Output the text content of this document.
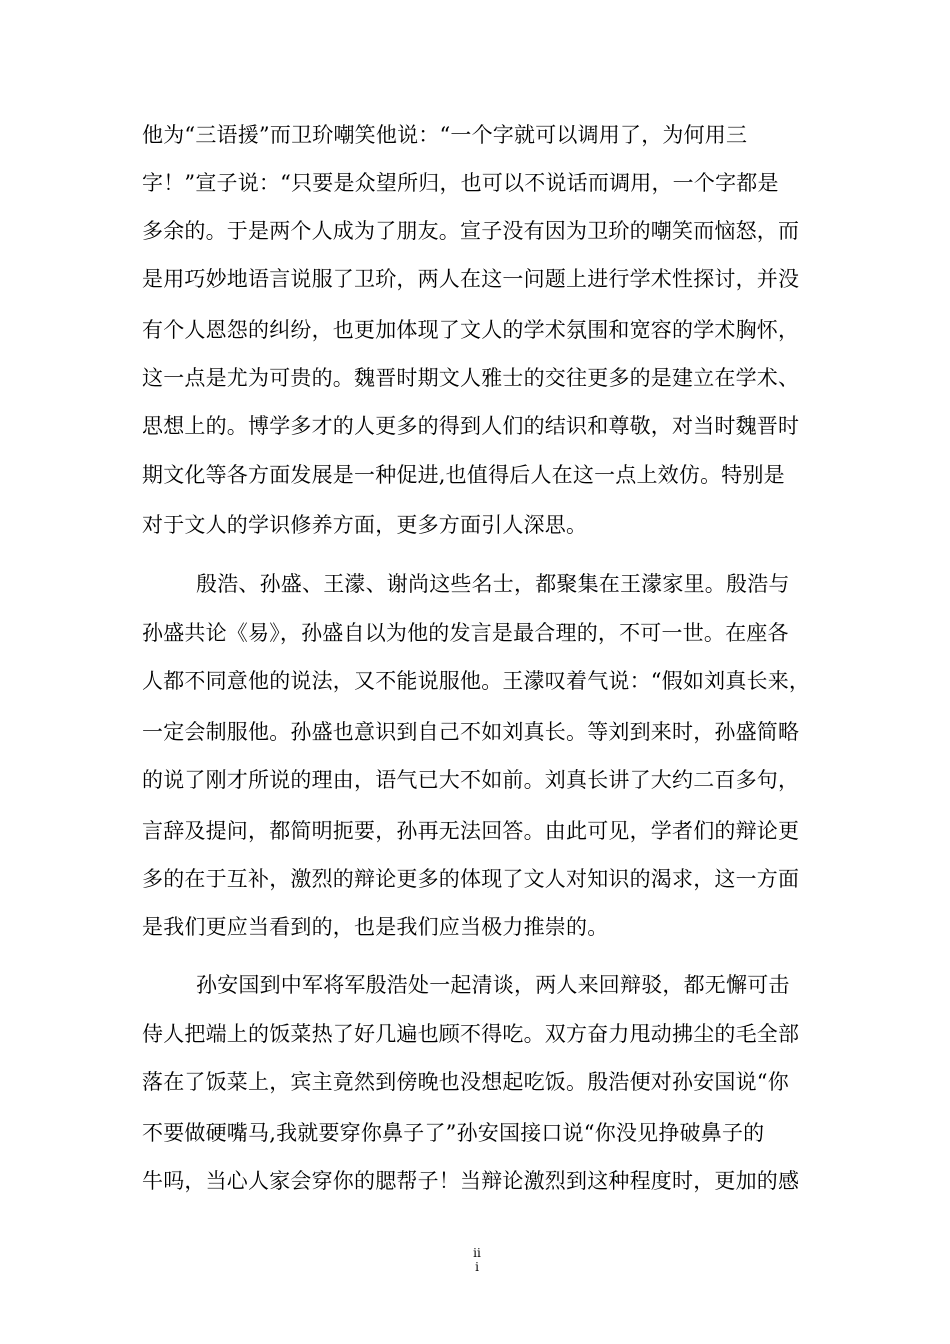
他为“三语援”而卫玠嘲笑他说：“一个字就可以调用了，为何用三
字！”宣子说：“只要是众望所归，也可以不说话而调用，一个字都是
多余的。于是两个人成为了朋友。宣子没有因为卫玠的嘲笑而恼怒，而
是用巧妙地语言说服了卫玠，两人在这一问题上进行学术性探讨，并没
有个人恩怨的纠纷，也更加体现了文人的学术氛围和宽容的学术胸怀，
这一点是尤为可贵的。魏晋时期文人雅士的交往更多的是建立在学术、
思想上的。博学多才的人更多的得到人们的结识和尊敬，对当时魏晋时
期文化等各方面发展是一种促进,也值得后人在这一点上效仿。特别是
对于文人的学识修养方面，更多方面引人深思。
殷浩、孙盛、王濛、谢尚这些名士，都聚集在王濛家里。殷浩与
孙盛共论《易》，孙盛自以为他的发言是最合理的，不可一世。在座各
人都不同意他的说法，又不能说服他。王濛叹着气说：“假如刘真长来，
一定会制服他。孙盛也意识到自己不如刘真长。等刘到来时，孙盛简略
的说了刚才所说的理由，语气已大不如前。刘真长讲了大约二百多句，
言辞及提问，都简明扼要，孙再无法回答。由此可见，学者们的辩论更
多的在于互补，激烈的辩论更多的体现了文人对知识的渴求，这一方面
是我们更应当看到的，也是我们应当极力推崇的。
孙安国到中军将军殷浩处一起清谈，两人来回辩驳，都无懈可击
侍人把端上的饭菜热了好几遍也顾不得吃。双方奋力甩动拂尘的毛全部
落在了饭菜上，宾主竟然到傍晚也没想起吃饭。殷浩便对孙安国说“你
不要做硬嘴马,我就要穿你鼻子了”孙安国接口说“你没见挣破鼻子的
牛吗，当心人家会穿你的腮帮子！当辩论激烈到这种程度时，更加的感
iii
